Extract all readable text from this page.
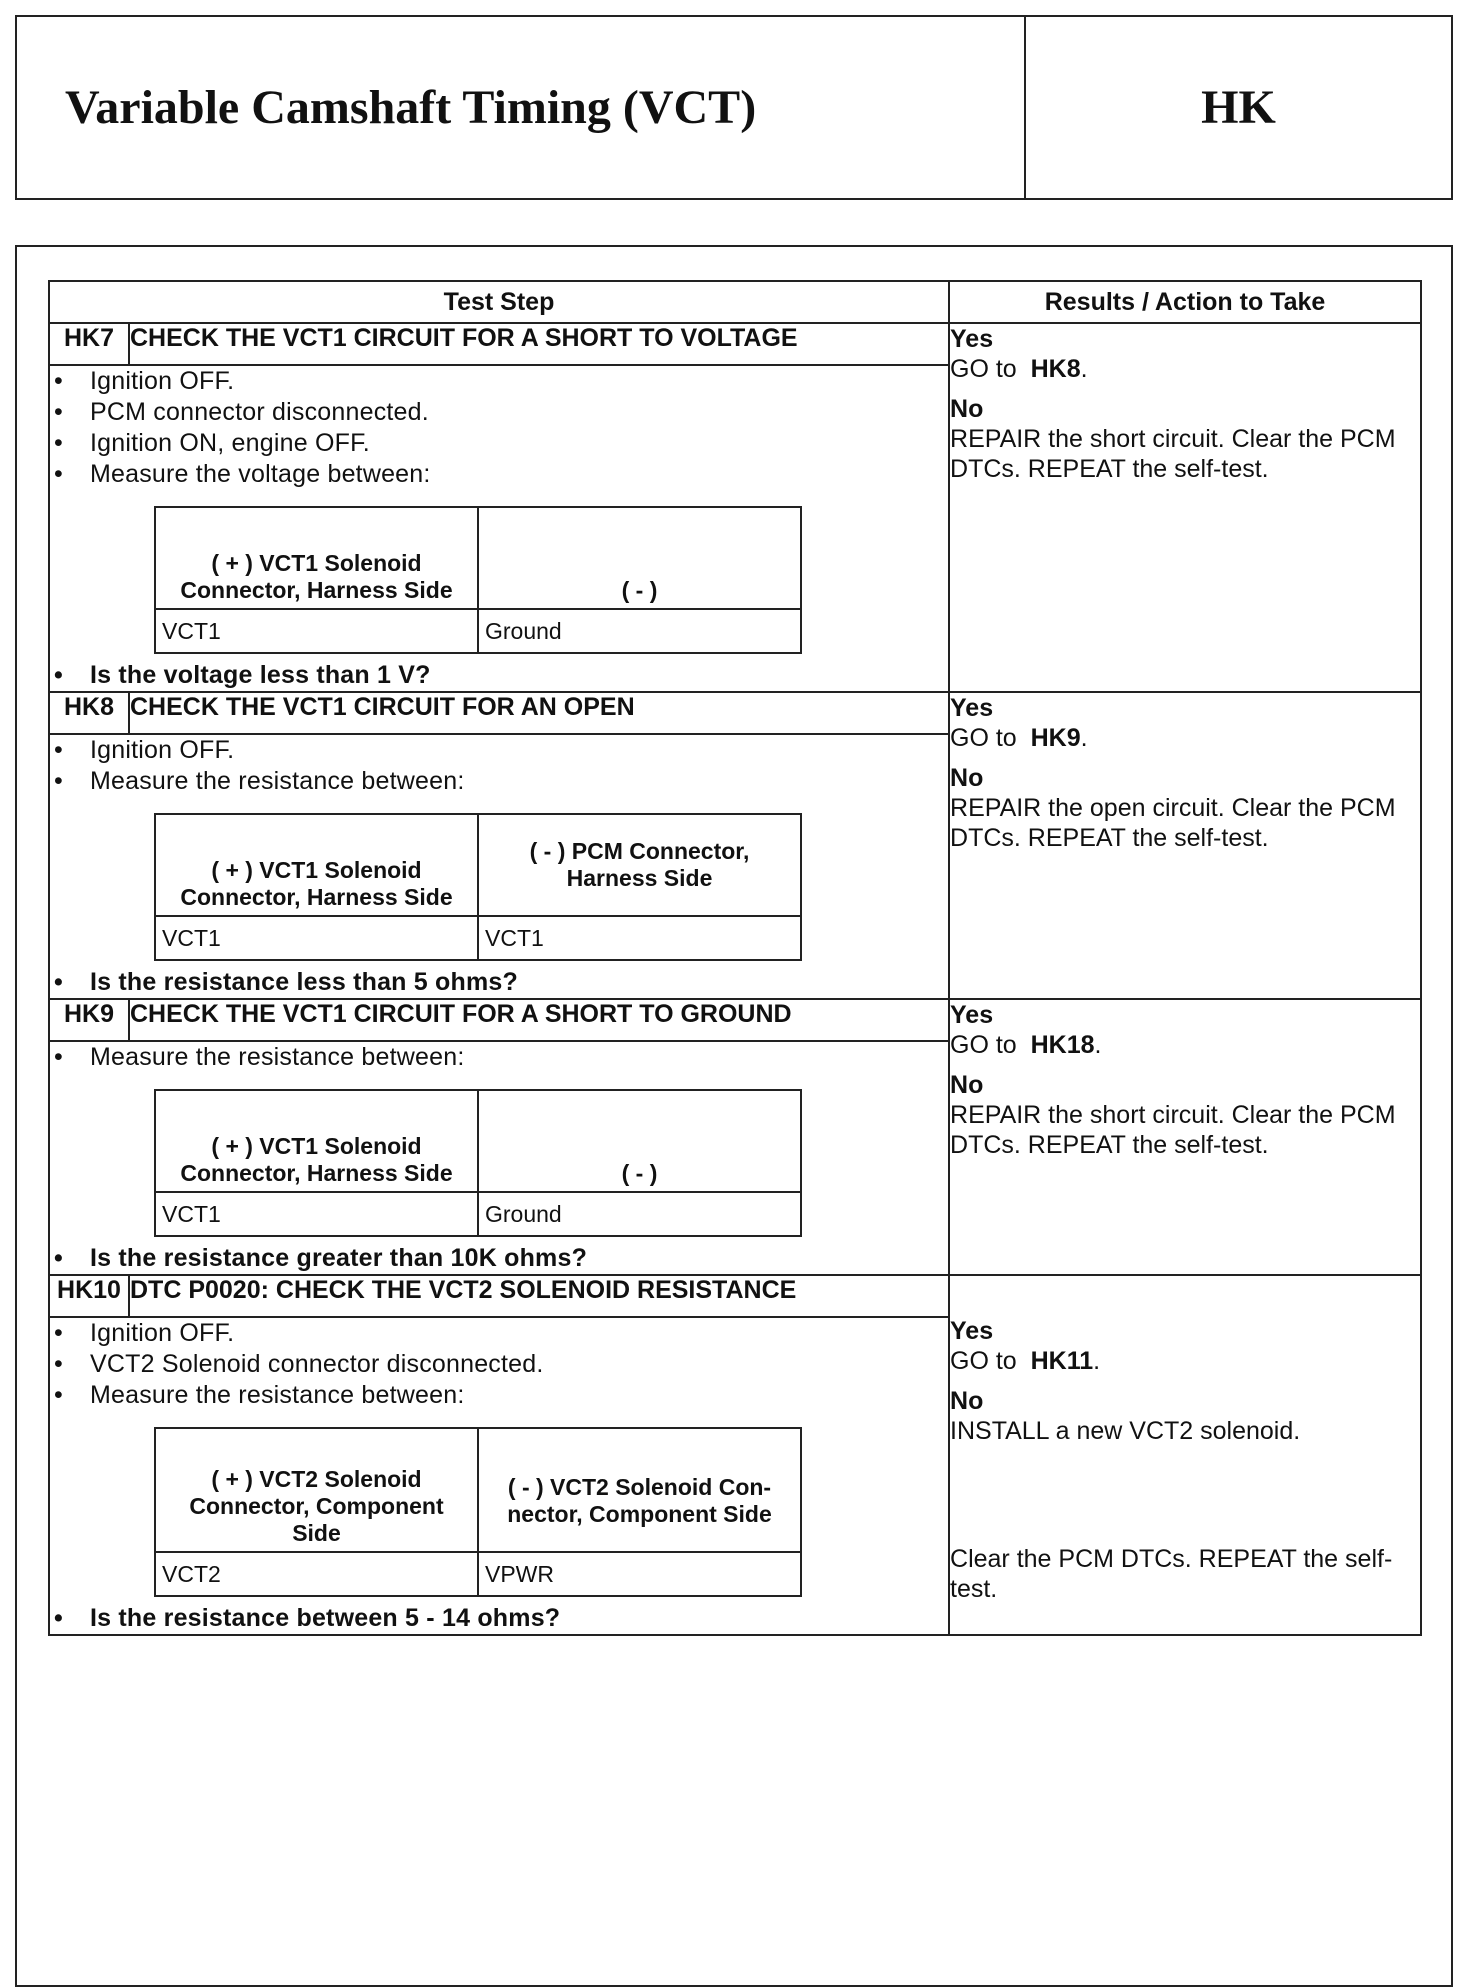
Variable Camshaft Timing (VCT)	HK
Test Step	Results / Action to Take
HK7	CHECK THE VCT1 CIRCUIT FOR A SHORT TO VOLTAGE	Yes
GO to HK8.
No
REPAIR the short circuit. Clear the PCM DTCs. REPEAT the self-test.

• Ignition OFF.
• PCM connector disconnected.
• Ignition ON, engine OFF.
• Measure the voltage between:
( + ) VCT1 Solenoid Connector, Harness Side	( - )
VCT1	Ground
• Is the voltage less than 1 V?

HK8	CHECK THE VCT1 CIRCUIT FOR AN OPEN	Yes
GO to HK9.
No
REPAIR the open circuit. Clear the PCM DTCs. REPEAT the self-test.

• Ignition OFF.
• Measure the resistance between:
( + ) VCT1 Solenoid Connector, Harness Side	( - ) PCM Connector, Harness Side
VCT1	VCT1
• Is the resistance less than 5 ohms?

HK9	CHECK THE VCT1 CIRCUIT FOR A SHORT TO GROUND	Yes
GO to HK18.
No
REPAIR the short circuit. Clear the PCM DTCs. REPEAT the self-test.

• Measure the resistance between:
( + ) VCT1 Solenoid Connector, Harness Side	( - )
VCT1	Ground
• Is the resistance greater than 10K ohms?

HK10	DTC P0020: CHECK THE VCT2 SOLENOID RESISTANCE	
Yes
GO to HK11.
No
INSTALL a new VCT2 solenoid.
Clear the PCM DTCs. REPEAT the self-test.

• Ignition OFF.
• VCT2 Solenoid connector disconnected.
• Measure the resistance between:
( + ) VCT2 Solenoid Connector, Component Side	( - ) VCT2 Solenoid Con-nector, Component Side
VCT2	VPWR
• Is the resistance between 5 - 14 ohms?
